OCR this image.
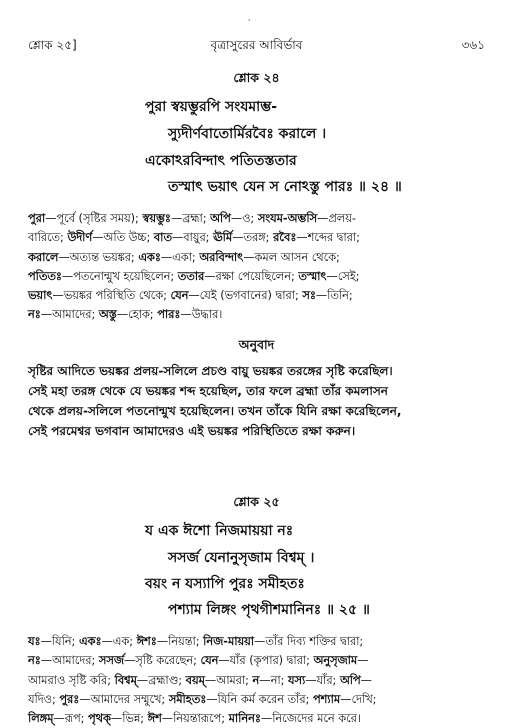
'
শ্লোক ২৫]	বৃত্রাসুরের আবির্ভাব	৩৬১
শ্লোক ২৪
পুরা স্বয়ম্ভুরপি সংযমাম্ভ-
স্যুদীর্ণবাতোর্মিরবৈঃ করালে ।
একোঽরবিন্দাৎ পতিতস্ততার
তস্মাৎ ভয়াৎ যেন স নোঽস্তু পারঃ ॥ ২৪ ॥
পুরা—পূর্বে (সৃষ্টির সময়); স্বয়ম্ভুঃ—ব্রহ্মা; অপি—ও; সংযম-অম্ভসি—প্রলয়-
বারিতে; উদীর্ণ—অতি উচ্চ; বাত—বায়ুর; ঊর্মি—তরঙ্গ; রবৈঃ—শব্দের দ্বারা;
করালে—অত্যন্ত ভয়ঙ্কর; একঃ—একা; অরবিন্দাৎ—কমল আসন থেকে;
পতিতঃ—পতনোন্মুখ হয়েছিলেন; ততার—রক্ষা পেয়েছিলেন; তস্মাৎ—সেই;
ভয়াৎ—ভয়ঙ্কর পরিস্থিতি থেকে; যেন—যেই (ভগবানের) দ্বারা; সঃ—তিনি;
নঃ—আমাদের; অস্তু—হোক; পারঃ—উদ্ধার।
অনুবাদ
সৃষ্টির আদিতে ভয়ঙ্কর প্রলয়-সলিলে প্রচণ্ড বায়ু ভয়ঙ্কর তরঙ্গের সৃষ্টি করেছিল।
সেই মহা তরঙ্গ থেকে যে ভয়ঙ্কর শব্দ হয়েছিল, তার ফলে ব্রহ্মা তাঁর কমলাসন
থেকে প্রলয়-সলিলে পতনোন্মুখ হয়েছিলেন। তখন তাঁকে যিনি রক্ষা করেছিলেন,
সেই পরমেশ্বর ভগবান আমাদেরও এই ভয়ঙ্কর পরিস্থিতিতে রক্ষা করুন।
শ্লোক ২৫
য এক ঈশো নিজমায়য়া নঃ
সসর্জ যেনানুসৃজাম বিশ্বম্ ।
বয়ং ন যস্যাপি পুরঃ সমীহতঃ
পশ্যাম লিঙ্গং পৃথগীশমানিনঃ ॥ ২৫ ॥
যঃ—যিনি; একঃ—এক; ঈশঃ—নিয়ন্তা; নিজ-মায়য়া—তাঁর দিব্য শক্তির দ্বারা;
নঃ—আমাদের; সসর্জ—সৃষ্টি করেছেন; যেন—যাঁর (কৃপার) দ্বারা; অনুসৃজাম—
আমরাও সৃষ্টি করি; বিশ্বম্—ব্রহ্মাণ্ড; বয়ম্—আমরা; ন—না; যস্য—যাঁর; অপি—
যদিও; পুরঃ—আমাদের সম্মুখে; সমীহতঃ—যিনি কর্ম করেন তাঁর; পশ্যাম—দেখি;
লিঙ্গম্—রূপ; পৃথক্—ভিন্ন; ঈশ—নিয়ন্তারূপে; মানিনঃ—নিজেদের মনে করে।
